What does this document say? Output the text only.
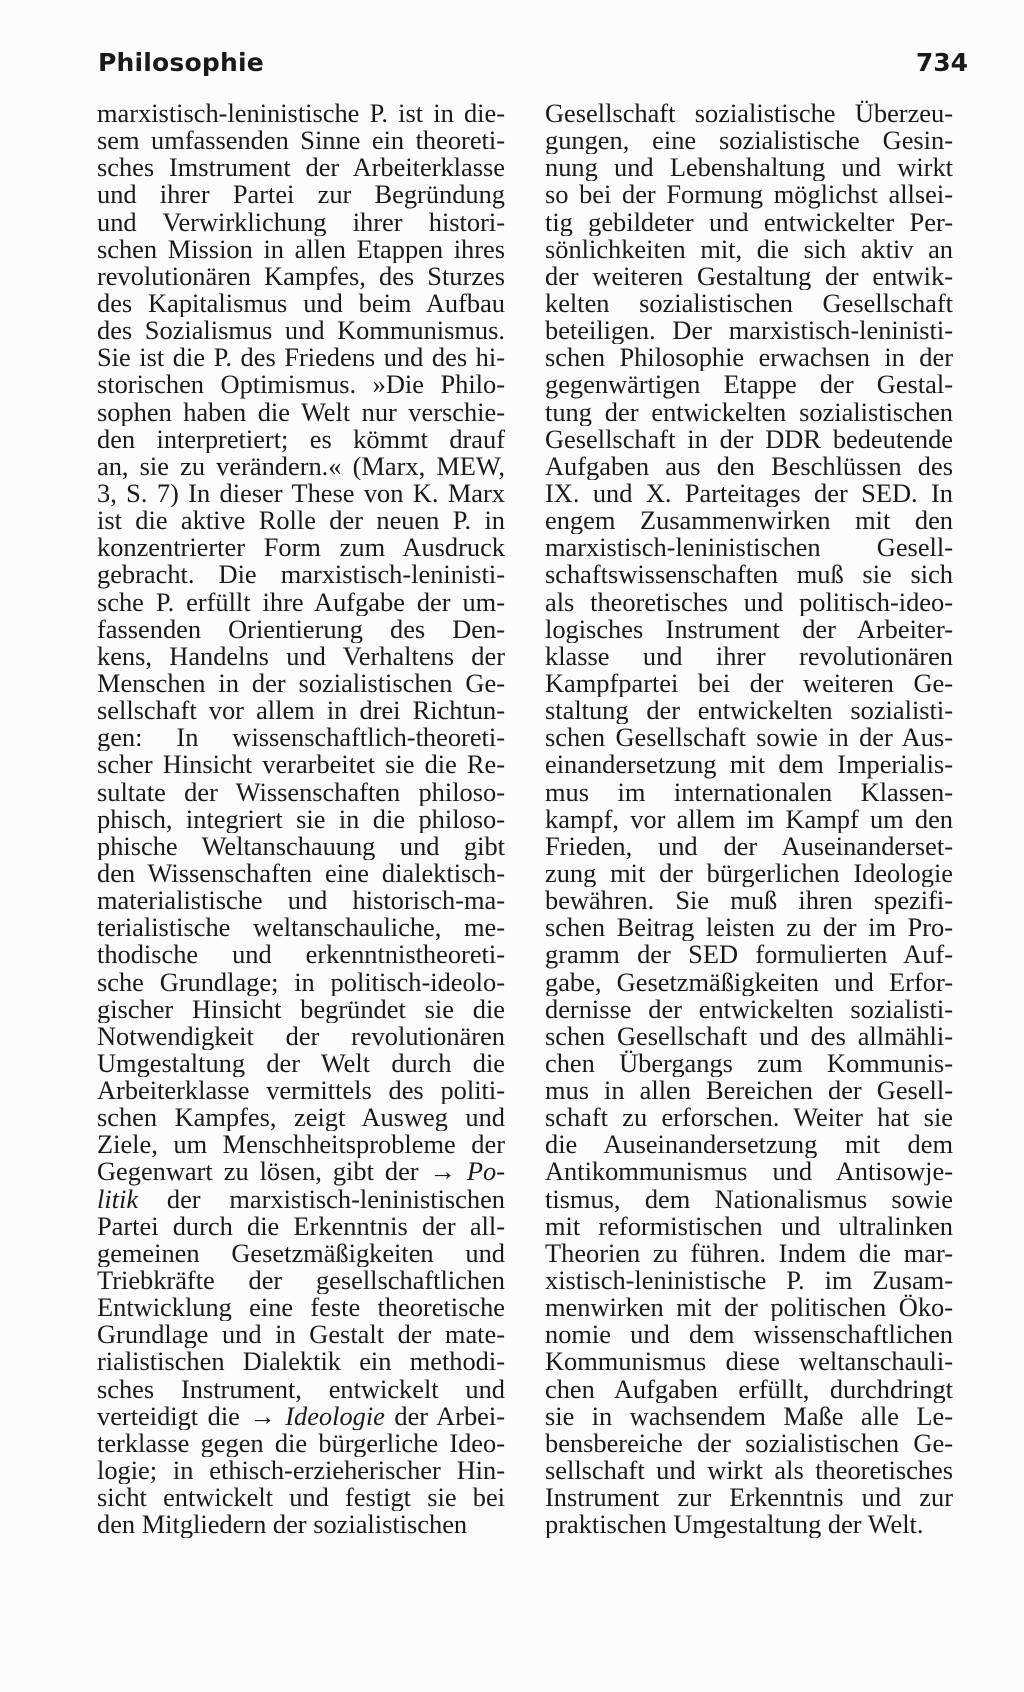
Philosophie	734
marxistisch-leninistische P. ist in die-
sem umfassenden Sinne ein theoreti-
sches Imstrument der Arbeiterklasse
und ihrer Partei zur Begründung
und Verwirklichung ihrer histori-
schen Mission in allen Etappen ihres
revolutionären Kampfes, des Sturzes
des Kapitalismus und beim Aufbau
des Sozialismus und Kommunismus.
Sie ist die P. des Friedens und des hi-
storischen Optimismus. »Die Philo-
sophen haben die Welt nur verschie-
den interpretiert; es kömmt drauf
an, sie zu verändern.« (Marx, MEW,
3, S. 7) In dieser These von K. Marx
ist die aktive Rolle der neuen P. in
konzentrierter Form zum Ausdruck
gebracht. Die marxistisch-leninisti-
sche P. erfüllt ihre Aufgabe der um-
fassenden Orientierung des Den-
kens, Handelns und Verhaltens der
Menschen in der sozialistischen Ge-
sellschaft vor allem in drei Richtun-
gen: In wissenschaftlich-theoreti-
scher Hinsicht verarbeitet sie die Re-
sultate der Wissenschaften philoso-
phisch, integriert sie in die philoso-
phische Weltanschauung und gibt
den Wissenschaften eine dialektisch-
materialistische und historisch-ma-
terialistische weltanschauliche, me-
thodische und erkenntnistheoreti-
sche Grundlage; in politisch-ideolo-
gischer Hinsicht begründet sie die
Notwendigkeit der revolutionären
Umgestaltung der Welt durch die
Arbeiterklasse vermittels des politi-
schen Kampfes, zeigt Ausweg und
Ziele, um Menschheitsprobleme der
Gegenwart zu lösen, gibt der → Po-
litik der marxistisch-leninistischen
Partei durch die Erkenntnis der all-
gemeinen Gesetzmäßigkeiten und
Triebkräfte der gesellschaftlichen
Entwicklung eine feste theoretische
Grundlage und in Gestalt der mate-
rialistischen Dialektik ein methodi-
sches Instrument, entwickelt und
verteidigt die → Ideologie der Arbei-
terklasse gegen die bürgerliche Ideo-
logie; in ethisch-erzieherischer Hin-
sicht entwickelt und festigt sie bei
den Mitgliedern der sozialistischen
Gesellschaft sozialistische Überzeu-
gungen, eine sozialistische Gesin-
nung und Lebenshaltung und wirkt
so bei der Formung möglichst allsei-
tig gebildeter und entwickelter Per-
sönlichkeiten mit, die sich aktiv an
der weiteren Gestaltung der entwik-
kelten sozialistischen Gesellschaft
beteiligen. Der marxistisch-leninisti-
schen Philosophie erwachsen in der
gegenwärtigen Etappe der Gestal-
tung der entwickelten sozialistischen
Gesellschaft in der DDR bedeutende
Aufgaben aus den Beschlüssen des
IX. und X. Parteitages der SED. In
engem Zusammenwirken mit den
marxistisch-leninistischen Gesell-
schaftswissenschaften muß sie sich
als theoretisches und politisch-ideo-
logisches Instrument der Arbeiter-
klasse und ihrer revolutionären
Kampfpartei bei der weiteren Ge-
staltung der entwickelten sozialisti-
schen Gesellschaft sowie in der Aus-
einandersetzung mit dem Imperialis-
mus im internationalen Klassen-
kampf, vor allem im Kampf um den
Frieden, und der Auseinanderset-
zung mit der bürgerlichen Ideologie
bewähren. Sie muß ihren spezifi-
schen Beitrag leisten zu der im Pro-
gramm der SED formulierten Auf-
gabe, Gesetzmäßigkeiten und Erfor-
dernisse der entwickelten sozialisti-
schen Gesellschaft und des allmähli-
chen Übergangs zum Kommunis-
mus in allen Bereichen der Gesell-
schaft zu erforschen. Weiter hat sie
die Auseinandersetzung mit dem
Antikommunismus und Antisowje-
tismus, dem Nationalismus sowie
mit reformistischen und ultralinken
Theorien zu führen. Indem die mar-
xistisch-leninistische P. im Zusam-
menwirken mit der politischen Öko-
nomie und dem wissenschaftlichen
Kommunismus diese weltanschauli-
chen Aufgaben erfüllt, durchdringt
sie in wachsendem Maße alle Le-
bensbereiche der sozialistischen Ge-
sellschaft und wirkt als theoretisches
Instrument zur Erkenntnis und zur
praktischen Umgestaltung der Welt.
